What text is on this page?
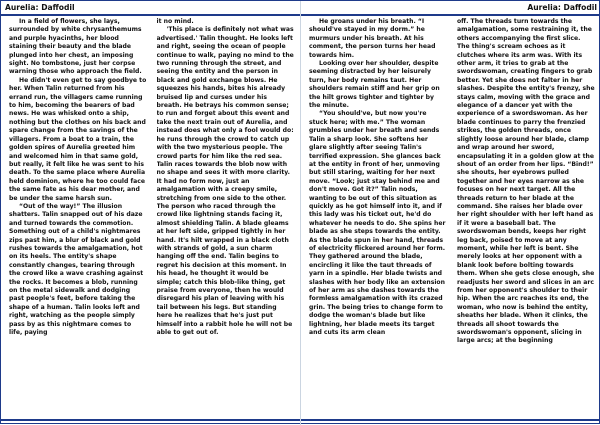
Aurelia: Daffodil

In a field of flowers, she lays, surrounded by white chrysanthemums and purple hyacinths, her blood staining their beauty and the blade plunged into her chest, an imposing sight. No tombstone, just her corpse warning those who approach the field.

He didn't even get to say goodbye to her. When Talin returned from his errand run, the villagers came running to him, becoming the bearers of bad news. He was whisked onto a ship, nothing but the clothes on his back and spare change from the savings of the villagers. From a boat to a train, the golden spires of Aurelia greeted him and welcomed him in that same gold, but really, it felt like he was sent to his death. To the same place where Aurelia held dominion, where he too could face the same fate as his dear mother, and be under the same harsh sun.

“Out of the way!” The illusion shatters. Talin snapped out of his daze and turned towards the commotion. Something out of a child's nightmares zips past him, a blur of black and gold rushes towards the amalgamation, hot on its heels. The entity's shape constantly changes, tearing through the crowd like a wave crashing against the rocks. It becomes a blob, running on the metal sidewalk and dodging past people's feet, before taking the shape of a human. Talin looks left and right, watching as the people simply pass by as this nightmare comes to life, paying

it no mind.

'This place is definitely not what was advertised.' Talin thought. He looks left and right, seeing the ocean of people continue to walk, paying no mind to the two running through the street, and seeing the entity and the person in black and gold exchange blows. He squeezes his hands, bites his already bruised lip and curses under his breath. He betrays his common sense; to run and forget about this event and take the next train out of Aurelia, and instead does what only a fool would do: he runs through the crowd to catch up with the two mysterious people. The crowd parts for him like the red sea. Talin races towards the blob now with no shape and sees it with more clarity. It had no form now, just an amalgamation with a creepy smile, stretching from one side to the other. The person who raced through the crowd like lightning stands facing it, almost shielding Talin. A blade gleams at her left side, gripped tightly in her hand. It's hilt wrapped in a black cloth with strands of gold, a sun charm hanging off the end. Talin begins to regret his decision at this moment. In his head, he thought it would be simple; catch this blob-like thing, get praise from everyone, then he would disregard his plan of leaving with his tail between his legs. But standing here he realizes that he's just put himself into a rabbit hole he will not be able to get out of.

Aurelia: Daffodil

He groans under his breath. “I should've stayed in my dorm.” he murmurs under his breath. At his comment, the person turns her head towards him.

Looking over her shoulder, despite seeming distracted by her leisurely turn, her body remains taut. Her shoulders remain stiff and her grip on the hilt grows tighter and tighter by the minute.

“You should've, but now you're stuck here; with me.” The woman grumbles under her breath and sends Talin a sharp look. She softens her glare slightly after seeing Talin's terrified expression. She glances back at the entity in front of her, unmoving but still staring, waiting for her next move. “Look; just stay behind me and don't move. Got it?” Talin nods, wanting to be out of this situation as quickly as he got himself into it, and if this lady was his ticket out, he'd do whatever he needs to do. She spins her blade as she steps towards the entity. As the blade spun in her hand, threads of electricity flickered around her form. They gathered around the blade, encircling it like the taut threads of yarn in a spindle. Her blade twists and slashes with her body like an extension of her arm as she dashes towards the formless amalgamation with its crazed grin. The being tries to change form to dodge the woman's blade but like lightning, her blade meets its target and cuts its arm clean

off. The threads turn towards the amalgamation, some restraining it, the others accompanying the first slice. The thing's scream echoes as it clutches where its arm was. With its other arm, it tries to grab at the swordswoman, creating fingers to grab better. Yet she does not falter in her slashes. Despite the entity's frenzy, she stays calm, moving with the grace and elegance of a dancer yet with the experience of a swordswoman. As her blade continues to parry the frenzied strikes, the golden threads, once slightly loose around her blade, clamp and wrap around her sword, encapsulating it in a golden glow at the shout of an order from her lips. “Bind!” she shouts, her eyebrows pulled together and her eyes narrow as she focuses on her next target. All the threads return to her blade at the command. She raises her blade over her right shoulder with her left hand as if it were a baseball bat. The swordswoman bends, keeps her right leg back, poised to move at any moment, while her left is bent. She merely looks at her opponent with a blank look before bolting towards them. When she gets close enough, she readjusts her sword and slices in an arc from her opponent's shoulder to their hip. When the arc reaches its end, the woman, who now is behind the entity, sheaths her blade. When it clinks, the threads all shoot towards the swordswoman's opponent, slicing in large arcs; at the beginning
